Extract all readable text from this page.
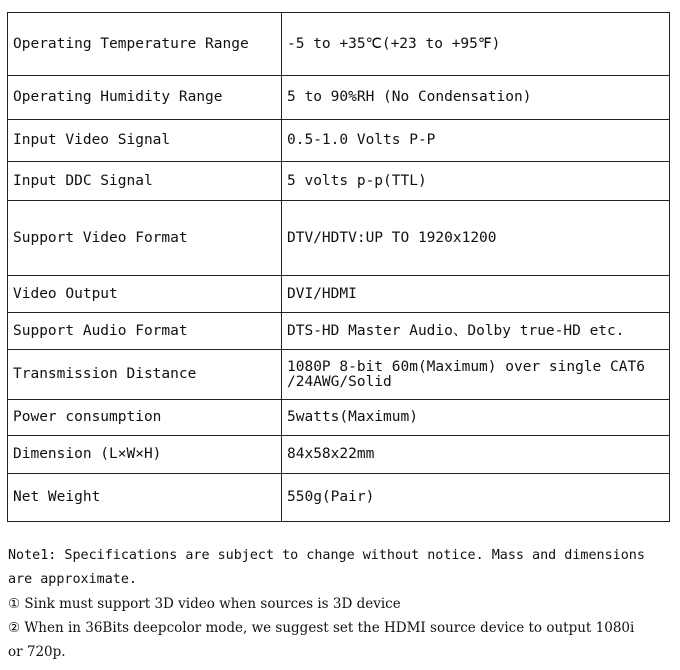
Operating Temperature Range	-5 to +35℃(+23 to +95℉)
Operating Humidity Range	5 to 90%RH (No Condensation)
Input Video Signal	0.5-1.0 Volts P-P
Input DDC Signal	5 volts p-p(TTL)
Support Video Format	DTV/HDTV:UP TO 1920x1200
Video Output	DVI/HDMI
Support Audio Format	DTS-HD Master Audio、Dolby true-HD etc.
Transmission Distance	1080P 8-bit 60m(Maximum) over single CAT6 /24AWG/Solid
Power consumption	5watts(Maximum)
Dimension (L×W×H)	84x58x22mm
Net Weight	550g(Pair)
Note1: Specifications are subject to change without notice. Mass and dimensions
are approximate.
① Sink must support 3D video when sources is 3D device
② When in 36Bits deepcolor mode, we suggest set the HDMI source device to output 1080i
or 720p.
